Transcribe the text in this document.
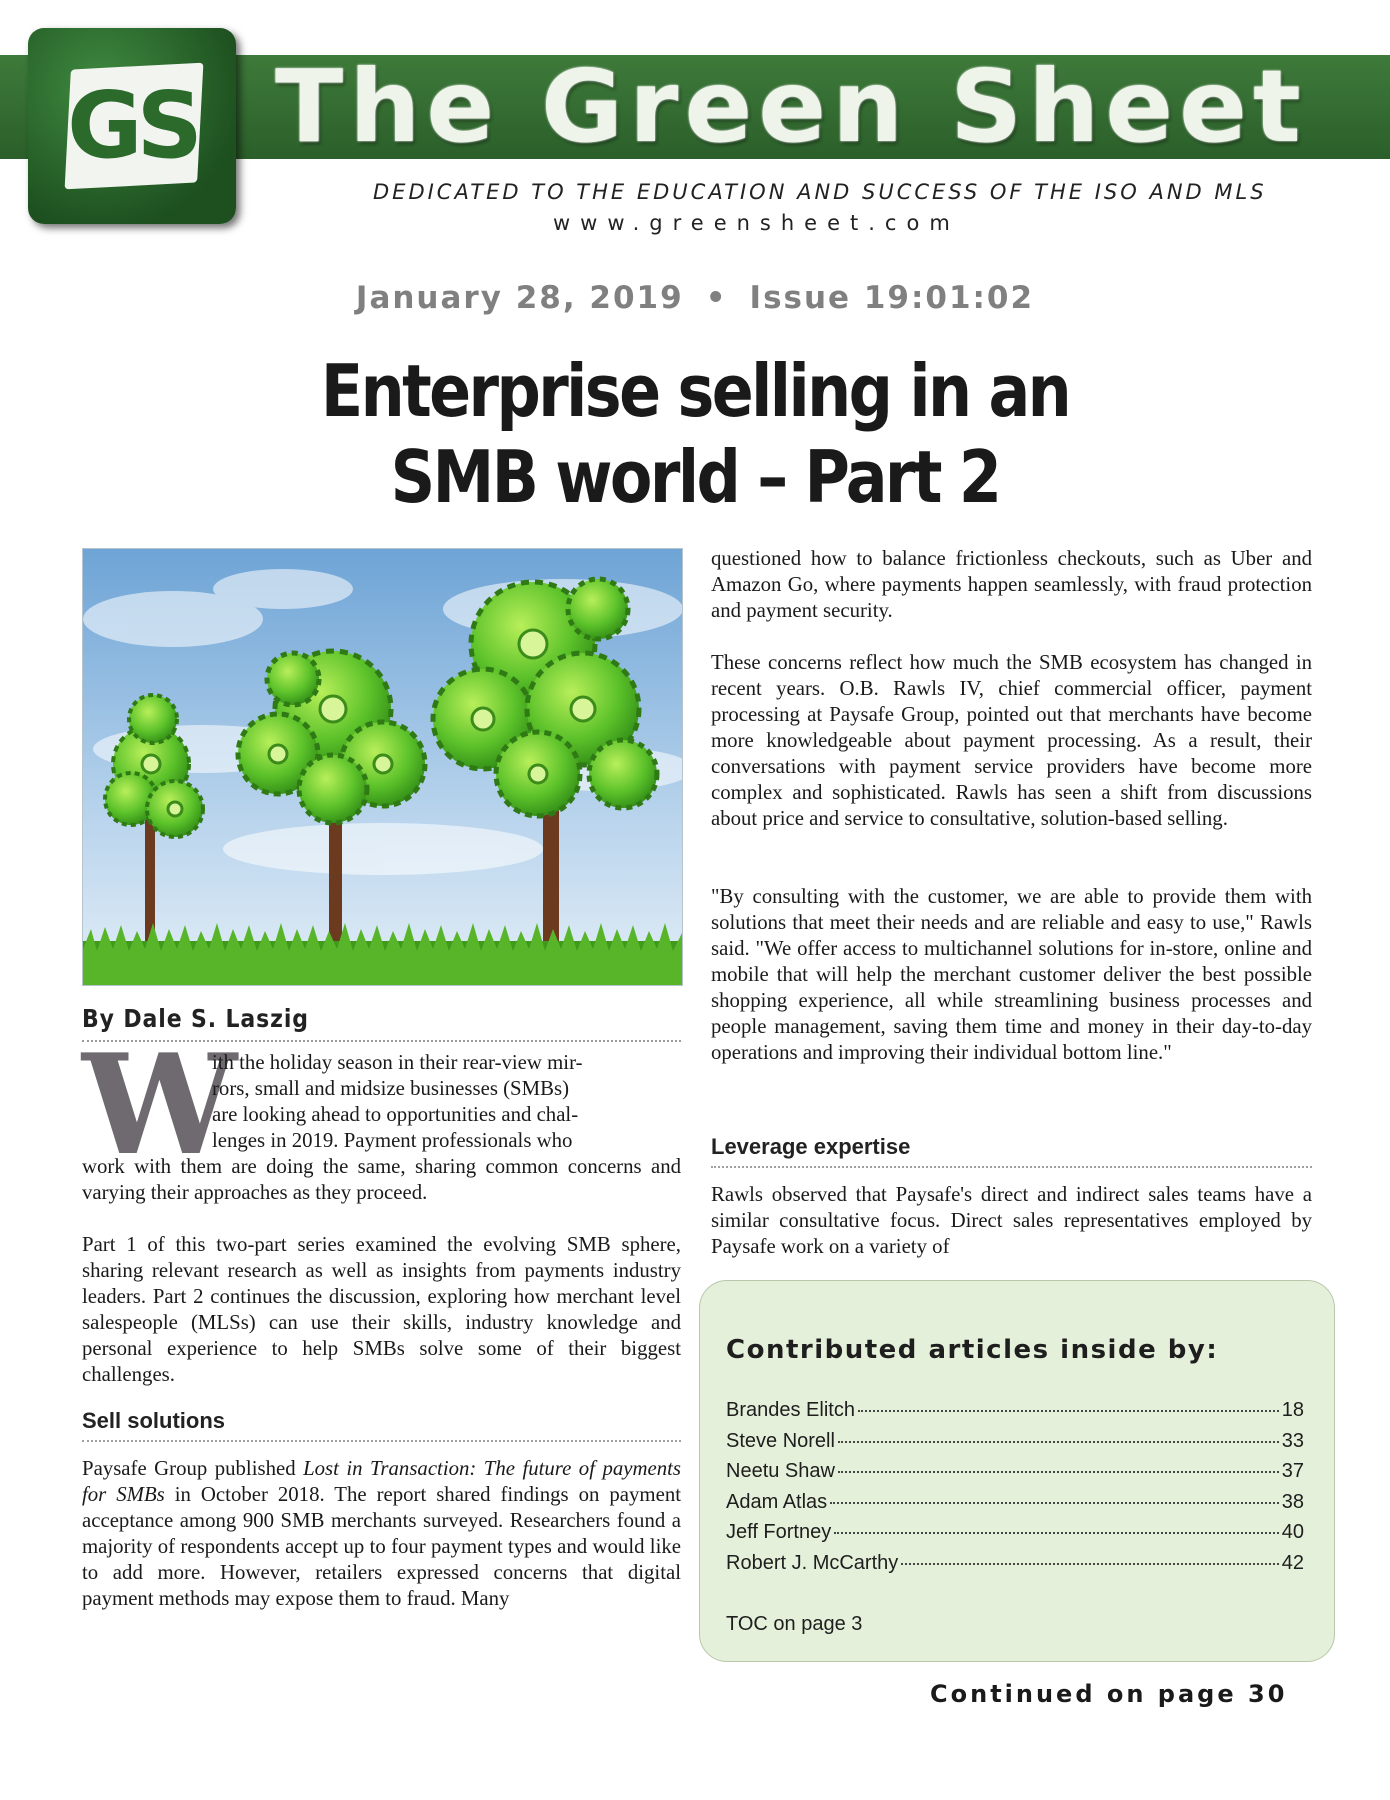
GS The Green Sheet
DEDICATED TO THE EDUCATION AND SUCCESS OF THE ISO AND MLS
www.greensheet.com
January 28, 2019 • Issue 19:01:02
Enterprise selling in an
SMB world – Part 2
By Dale S. Laszig
W
ith the holiday season in their rear-view mir-
rors, small and midsize businesses (SMBs)
are looking ahead to opportunities and chal-
lenges in 2019. Payment professionals who
work with them are doing the same, sharing common concerns and varying their approaches as they proceed.
Part 1 of this two-part series examined the evolving SMB sphere, sharing relevant research as well as insights from payments industry leaders. Part 2 continues the discussion, exploring how merchant level salespeople (MLSs) can use their skills, industry knowledge and personal experience to help SMBs solve some of their biggest challenges.
Sell solutions
Paysafe Group published Lost in Transaction: The future of payments for SMBs in October 2018. The report shared findings on payment acceptance among 900 SMB merchants surveyed. Researchers found a majority of respondents accept up to four payment types and would like to add more. However, retailers expressed concerns that digital payment methods may expose them to fraud. Many
questioned how to balance frictionless checkouts, such as Uber and Amazon Go, where payments happen seamlessly, with fraud protection and payment security.
These concerns reflect how much the SMB ecosystem has changed in recent years. O.B. Rawls IV, chief commercial officer, payment processing at Paysafe Group, pointed out that merchants have become more knowledgeable about payment processing. As a result, their conversations with payment service providers have become more complex and sophisticated. Rawls has seen a shift from discussions about price and service to consultative, solution-based selling.
"By consulting with the customer, we are able to provide them with solutions that meet their needs and are reliable and easy to use," Rawls said. "We offer access to multichannel solutions for in-store, online and mobile that will help the merchant customer deliver the best possible shopping experience, all while streamlining business processes and people management, saving them time and money in their day-to-day operations and improving their individual bottom line."
Leverage expertise
Rawls observed that Paysafe's direct and indirect sales teams have a similar consultative focus. Direct sales representatives employed by Paysafe work on a variety of
Contributed articles inside by:
Brandes Elitch	18
Steve Norell	33
Neetu Shaw	37
Adam Atlas	38
Jeff Fortney	40
Robert J. McCarthy	42
TOC on page 3
Continued on page 30
